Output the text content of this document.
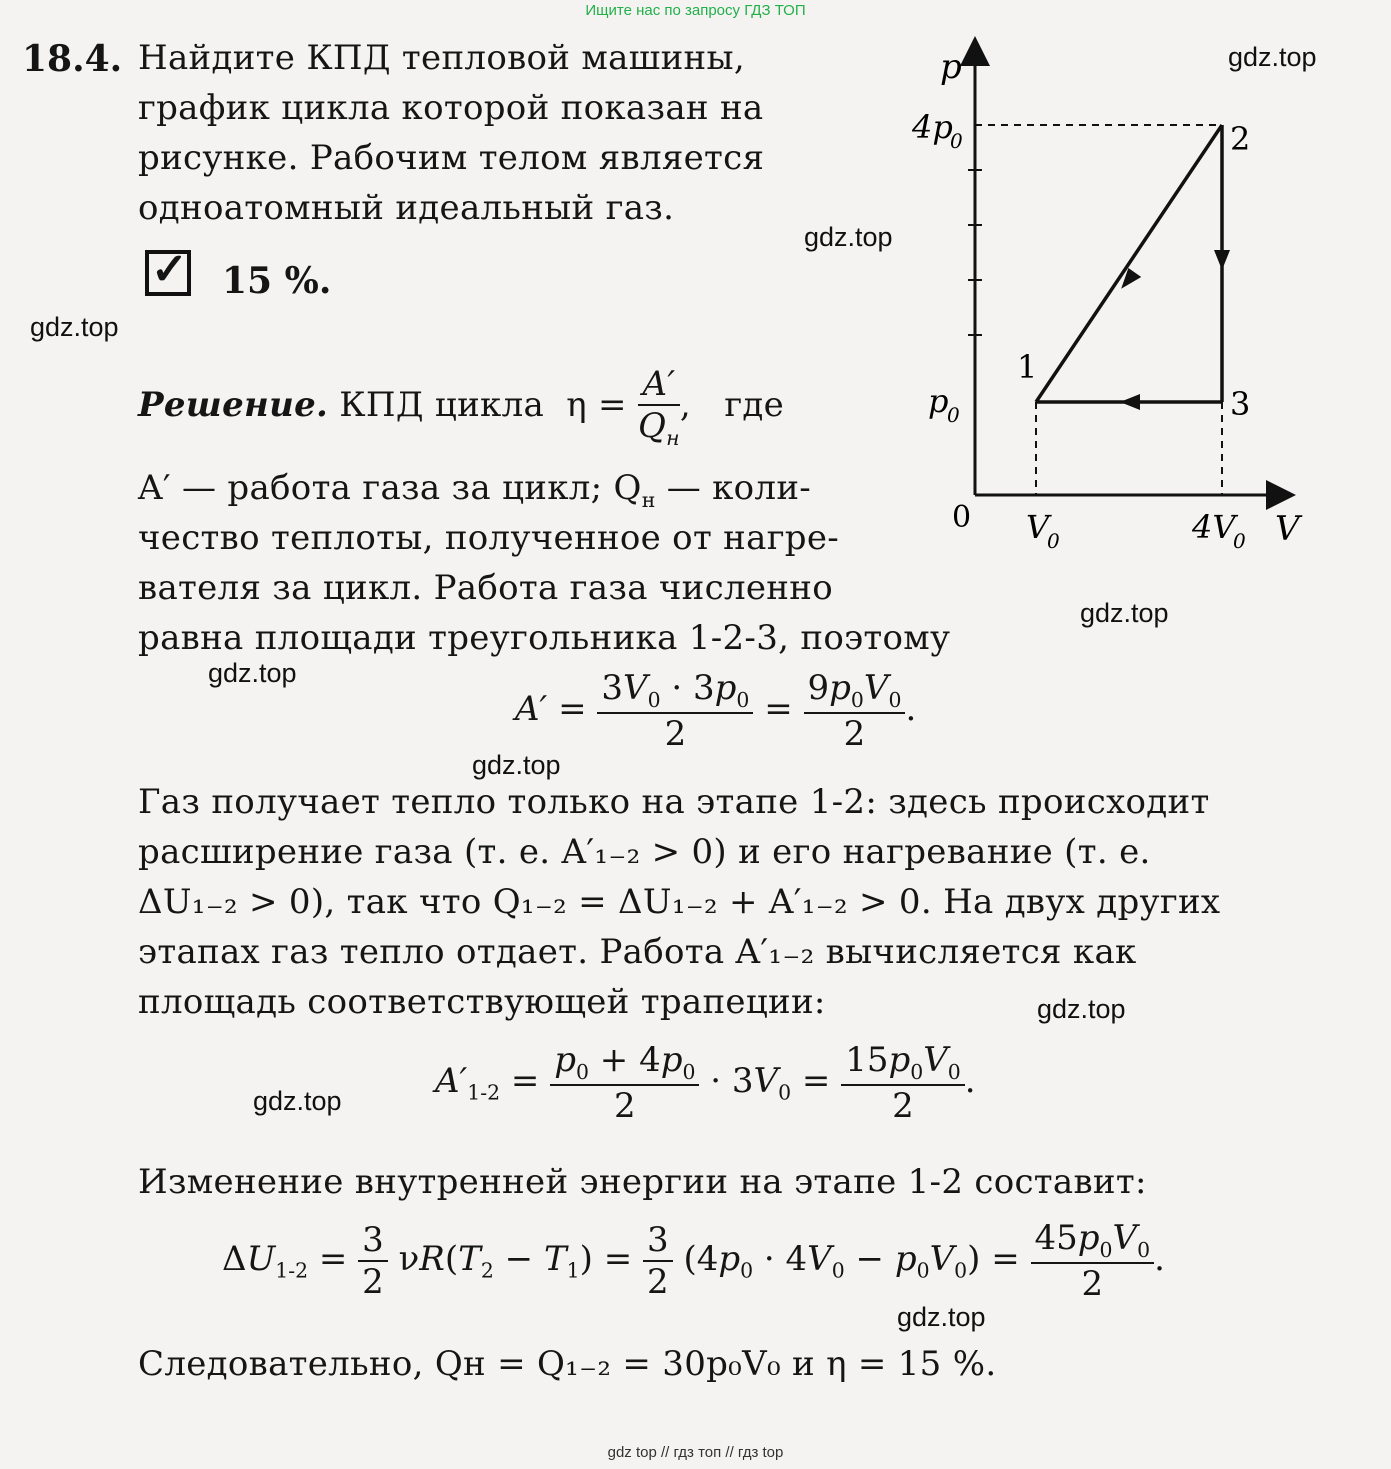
Ищите нас по запросу ГДЗ ТОП
gdz.top
gdz.top
gdz.top
gdz.top
gdz.top
gdz.top
gdz.top
gdz.top
gdz.top
18.4. Найдите КПД тепловой машины,
график цикла которой показан на
рисунке. Рабочим телом является
одноатомный идеальный газ.
✓ 15 %.
p
V
0
4p
0
p
0
V
0	4V
0
1
2
3
Решение. КПД цикла  $\eta = \frac{A'}{Q_н}$ ,   где
A′ — работа газа за цикл; $Q_н$ — коли-
чество теплоты, полученное от нагре-
вателя за цикл. Работа газа численно
равна площади треугольника 1-2-3, поэтому
$A' = \frac{3V_0 \cdot 3p_0}{2} = \frac{9p_0V_0}{2}$ .
Газ получает тепло только на этапе 1-2: здесь происходит
расширение газа (т. е. A′₁₋₂ > 0) и его нагревание (т. е.
ΔU₁₋₂ > 0), так что Q₁₋₂ = ΔU₁₋₂ + A′₁₋₂ > 0. На двух других
этапах газ тепло отдает. Работа A′₁₋₂ вычисляется как
площадь соответствующей трапеции:
$A'_{1-2} = \frac{p_0 + 4p_0}{2} \cdot 3V_0 = \frac{15p_0V_0}{2}$ .
Изменение внутренней энергии на этапе 1-2 составит:
$\Delta U_{1-2} = \frac{3}{2} \nu R(T_2 - T_1) = \frac{3}{2} (4p_0 \cdot 4V_0 - p_0V_0) = \frac{45p_0V_0}{2}$ .
Следовательно, Qн = Q₁₋₂ = 30p₀V₀ и η = 15 %.
gdz top // гдз топ // гдз top
